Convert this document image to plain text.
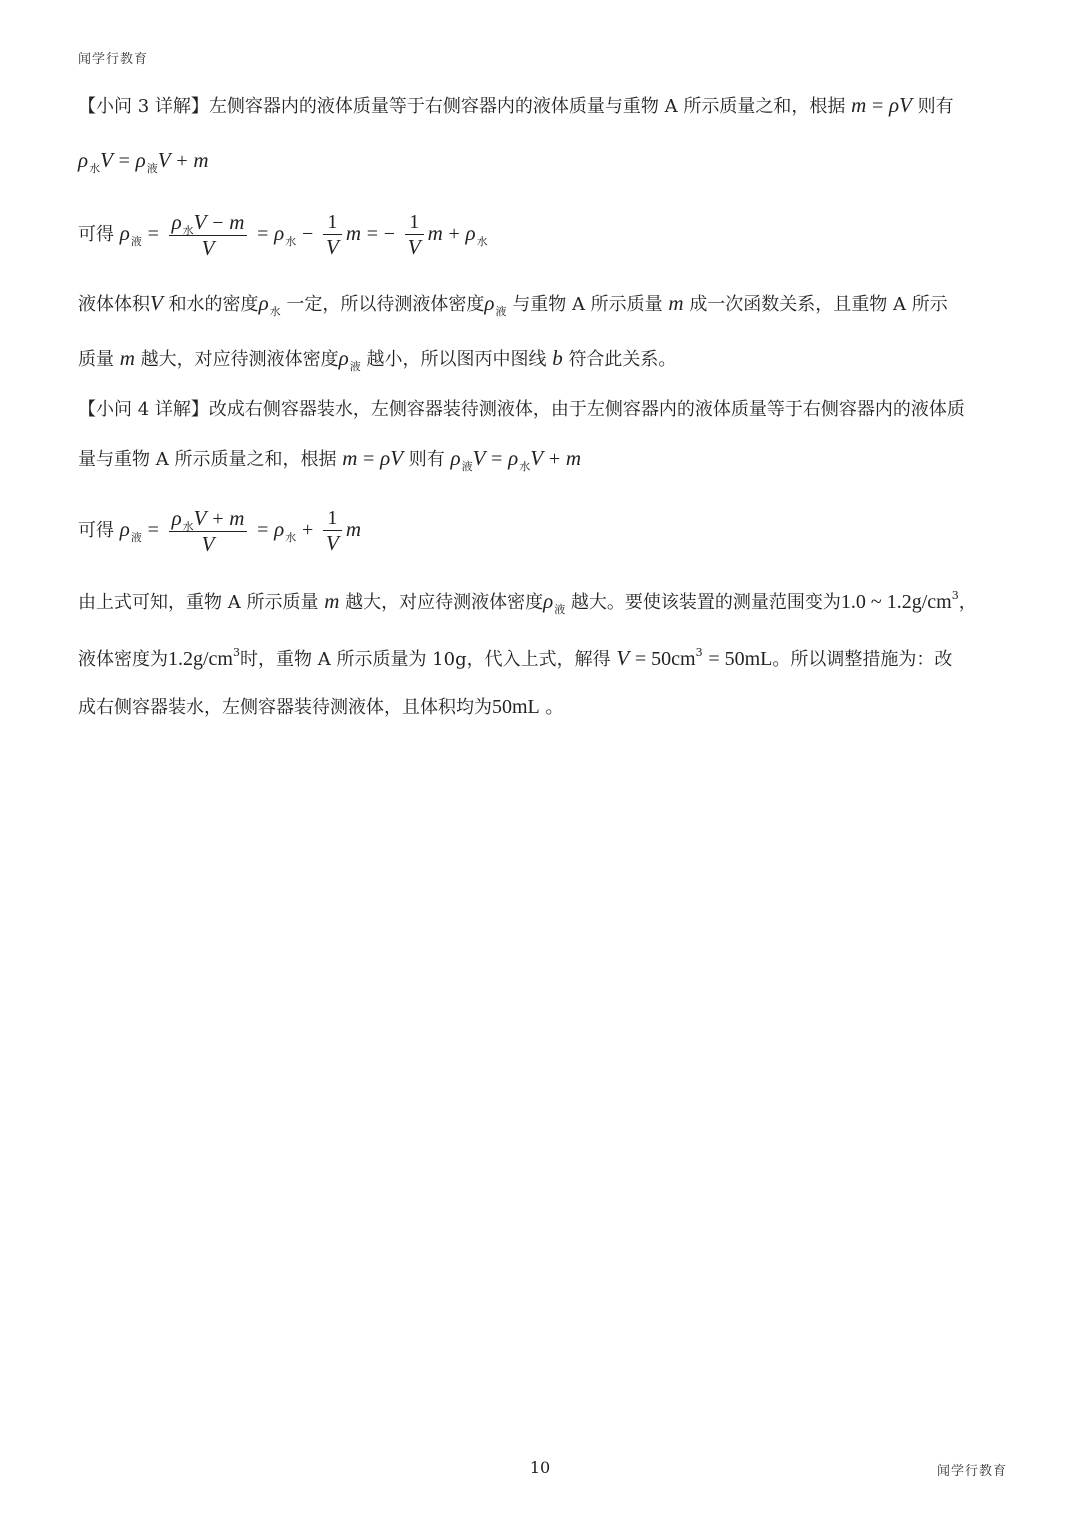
闻学行教育
【小问 3 详解】左侧容器内的液体质量等于右侧容器内的液体质量与重物 A 所示质量之和，根据 m = ρV 则有
$\rho_水V = \rho_液V + m$
可得 $\rho_液 = \frac{\rho_水V - m}{V} = \rho_水 - \frac{1}{V}$ m = − $\frac{1}{V}$ $m + \rho_水$
液体体积V 和水的密度$\rho_水$ 一定，所以待测液体密度$\rho_液$ 与重物 A 所示质量 m 成一次函数关系，且重物 A 所示
质量 m 越大，对应待测液体密度$\rho_液$ 越小，所以图丙中图线 b 符合此关系。
【小问 4 详解】改成右侧容器装水，左侧容器装待测液体，由于左侧容器内的液体质量等于右侧容器内的液体质
量与重物 A 所示质量之和，根据 m = ρV 则有 $\rho_液V = \rho_水V + m$
可得 $\rho_液 = \frac{\rho_水V + m}{V} = \rho_水 + \frac{1}{V}$ m
由上式可知，重物 A 所示质量 m 越大，对应待测液体密度$\rho_液$ 越大。要使该装置的测量范围变为1.0 ~ $1.2g/cm^3$，
液体密度为$1.2g/cm^3$时，重物 A 所示质量为 10g，代入上式，解得 $V = 50cm^3 = 50mL$。所以调整措施为：改
成右侧容器装水，左侧容器装待测液体，且体积均为50mL 。
10	闻学行教育
